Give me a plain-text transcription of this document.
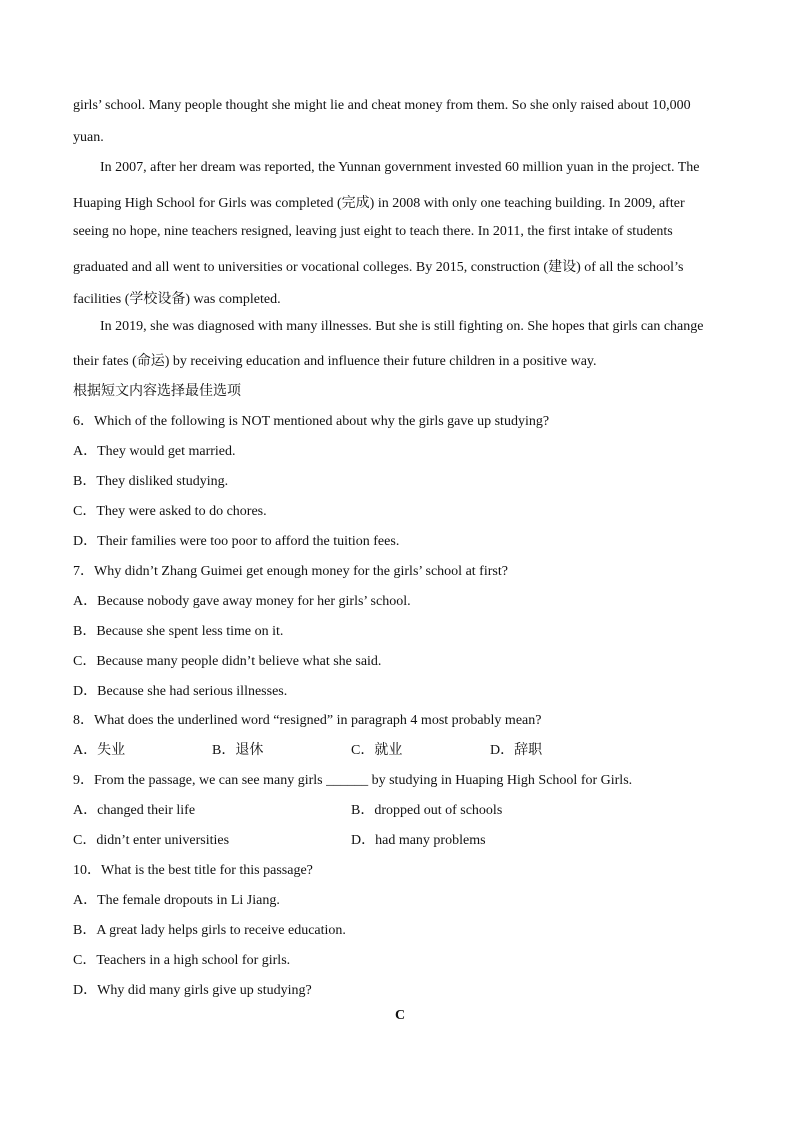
girls’ school. Many people thought she might lie and cheat money from them. So she only raised about 10,000
yuan.
In 2007, after her dream was reported, the Yunnan government invested 60 million yuan in the project. The
Huaping High School for Girls was completed (完成) in 2008 with only one teaching building. In 2009, after
seeing no hope, nine teachers resigned, leaving just eight to teach there. In 2011, the first intake of students
graduated and all went to universities or vocational colleges. By 2015, construction (建设) of all the school’s
facilities (学校设备) was completed.
In 2019, she was diagnosed with many illnesses. But she is still fighting on. She hopes that girls can change
their fates (命运) by receiving education and influence their future children in a positive way.
根据短文内容选择最佳选项
6．Which of the following is NOT mentioned about why the girls gave up studying?
A．They would get married.
B．They disliked studying.
C．They were asked to do chores.
D．Their families were too poor to afford the tuition fees.
7．Why didn’t Zhang Guimei get enough money for the girls’ school at first?
A．Because nobody gave away money for her girls’ school.
B．Because she spent less time on it.
C．Because many people didn’t believe what she said.
D．Because she had serious illnesses.
8．What does the underlined word “resigned” in paragraph 4 most probably mean?
A．失业	B．退休	C．就业	D．辞职
9．From the passage, we can see many girls ______ by studying in Huaping High School for Girls.
A．changed their life	B．dropped out of schools
C．didn’t enter universities	D．had many problems
10．What is the best title for this passage?
A．The female dropouts in Li Jiang.
B．A great lady helps girls to receive education.
C．Teachers in a high school for girls.
D．Why did many girls give up studying?
C
